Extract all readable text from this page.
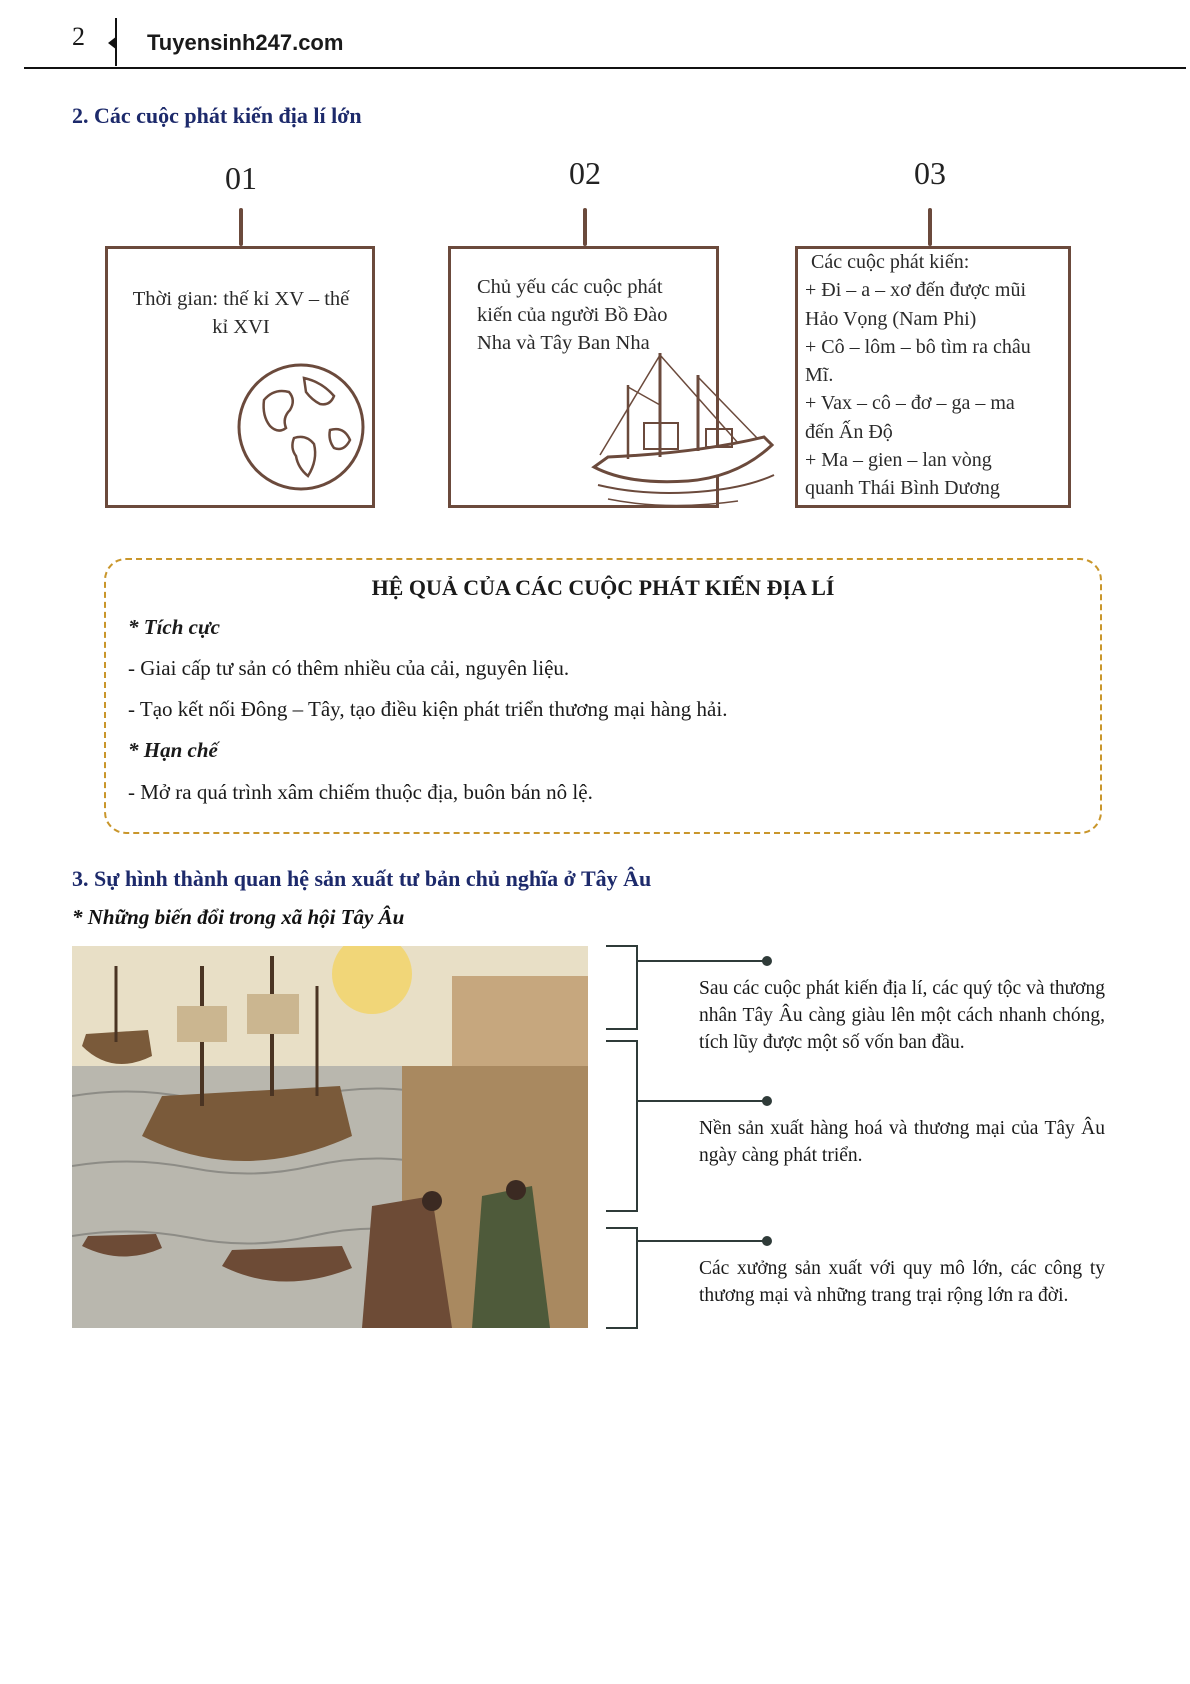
2	Tuyensinh247.com
2. Các cuộc phát kiến địa lí lớn
01
Thời gian: thế kỉ XV – thế
kỉ XVI
02
Chủ yếu các cuộc phát
kiến của người Bồ Đào
Nha và Tây Ban Nha
03
Các cuộc phát kiến:
+ Đi – a – xơ đến được mũi
Hảo Vọng (Nam Phi)
+ Cô – lôm – bô tìm ra châu
Mĩ.
+ Vax – cô – đơ – ga – ma
đến Ấn Độ
+ Ma – gien – lan vòng
quanh Thái Bình Dương
HỆ QUẢ CỦA CÁC CUỘC PHÁT KIẾN ĐỊA LÍ
* Tích cực
- Giai cấp tư sản có thêm nhiều của cải, nguyên liệu.
- Tạo kết nối Đông – Tây, tạo điều kiện phát triển thương mại hàng hải.
* Hạn chế
- Mở ra quá trình xâm chiếm thuộc địa, buôn bán nô lệ.
3. Sự hình thành quan hệ sản xuất tư bản chủ nghĩa ở Tây Âu
* Những biến đổi trong xã hội Tây Âu
Sau các cuộc phát kiến địa lí, các quý tộc và thương nhân Tây Âu càng giàu lên một cách nhanh chóng, tích lũy được một số vốn ban đầu.
Nền sản xuất hàng hoá và thương mại của Tây Âu ngày càng phát triển.
Các xưởng sản xuất với quy mô lớn, các công ty thương mại và những trang trại rộng lớn ra đời.
